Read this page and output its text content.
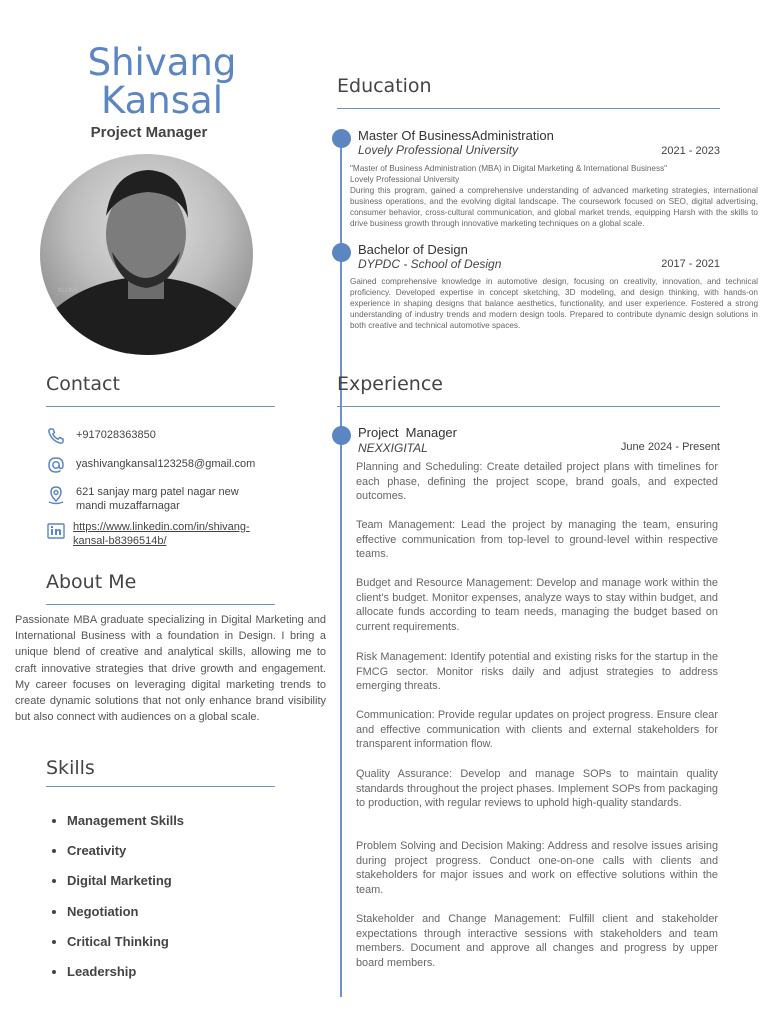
Shivang
Kansal
Project Manager
KLONE
Contact
+917028363850
yashivangkansal123258@gmail.com
621 sanjay marg patel nagar new
mandi muzaffarnagar
https://www.linkedin.com/in/shivang-
kansal-b8396514b/
About Me
Passionate MBA graduate specializing in Digital Marketing and International Business with a foundation in Design. I bring a unique blend of creative and analytical skills, allowing me to craft innovative strategies that drive growth and engagement. My career focuses on leveraging digital marketing trends to create dynamic solutions that not only enhance brand visibility but also connect with audiences on a global scale.
Skills
Management Skills
Creativity
Digital Marketing
Negotiation
Critical Thinking
Leadership
Education
Master Of BusinessAdministration
Lovely Professional University	2021 - 2023
"Master of Business Administration (MBA) in Digital Marketing & International Business"
Lovely Professional University
During this program, gained a comprehensive understanding of advanced marketing strategies, international business operations, and the evolving digital landscape. The coursework focused on SEO, digital advertising, consumer behavior, cross-cultural communication, and global market trends, equipping Harsh with the skills to drive business growth through innovative marketing techniques on a global scale.
Bachelor of Design
DYPDC - School of Design	2017 - 2021
Gained comprehensive knowledge in automotive design, focusing on creativity, innovation, and technical proficiency. Developed expertise in concept sketching, 3D modeling, and design thinking, with hands-on experience in shaping designs that balance aesthetics, functionality, and user experience. Fostered a strong understanding of industry trends and modern design tools. Prepared to contribute dynamic design solutions in both creative and technical automotive spaces.
Experience
Project  Manager
NEXXIGITAL	June 2024 - Present
Planning and Scheduling: Create detailed project plans with timelines for each phase, defining the project scope, brand goals, and expected outcomes.
Team Management: Lead the project by managing the team, ensuring effective communication from top-level to ground-level within respective teams.
Budget and Resource Management: Develop and manage work within the client's budget. Monitor expenses, analyze ways to stay within budget, and allocate funds according to team needs, managing the budget based on current requirements.
Risk Management: Identify potential and existing risks for the startup in the FMCG sector. Monitor risks daily and adjust strategies to address emerging threats.
Communication: Provide regular updates on project progress. Ensure clear and effective communication with clients and external stakeholders for transparent information flow.
Quality Assurance: Develop and manage SOPs to maintain quality standards throughout the project phases. Implement SOPs from packaging to production, with regular reviews to uphold high-quality standards.
Problem Solving and Decision Making: Address and resolve issues arising during project progress. Conduct one-on-one calls with clients and stakeholders for major issues and work on effective solutions within the team.
Stakeholder and Change Management: Fulfill client and stakeholder expectations through interactive sessions with stakeholders and team members. Document and approve all changes and progress by upper board members.
